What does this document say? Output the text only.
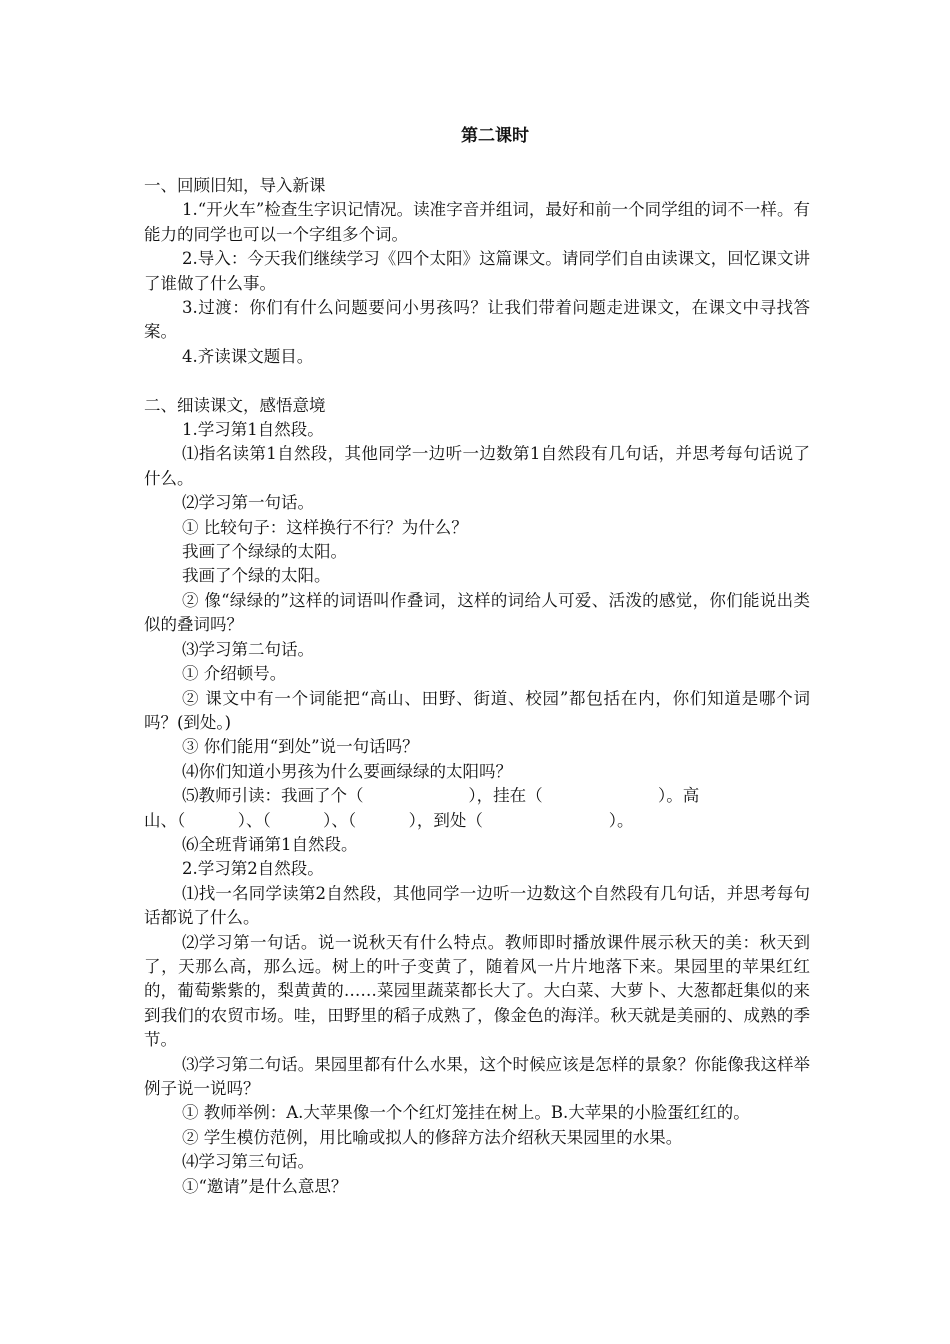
第二课时

一、回顾旧知，导入新课

1.“开火车”检查生字识记情况。读准字音并组词，最好和前一个同学组的词不一样。有能力的同学也可以一个字组多个词。

2.导入：今天我们继续学习《四个太阳》这篇课文。请同学们自由读课文，回忆课文讲了谁做了什么事。

3.过渡：你们有什么问题要问小男孩吗？让我们带着问题走进课文，在课文中寻找答案。

4.齐读课文题目。

二、细读课文，感悟意境

1.学习第1自然段。

⑴指名读第1自然段，其他同学一边听一边数第1自然段有几句话，并思考每句话说了什么。

⑵学习第一句话。

① 比较句子：这样换行不行？为什么？

我画了个绿绿的太阳。

我画了个绿的太阳。

② 像“绿绿的”这样的词语叫作叠词，这样的词给人可爱、活泼的感觉，你们能说出类似的叠词吗？

⑶学习第二句话。

① 介绍顿号。

② 课文中有一个词能把“高山、田野、街道、校园”都包括在内，你们知道是哪个词吗？(到处。)

③ 你们能用“到处”说一句话吗？

⑷你们知道小男孩为什么要画绿绿的太阳吗？

⑸教师引读：我画了个（                    ），挂在（                      ）。高

山、（          ）、（          ）、（          ），到处（                        ）。

⑹全班背诵第1自然段。

2.学习第2自然段。

⑴找一名同学读第2自然段，其他同学一边听一边数这个自然段有几句话，并思考每句话都说了什么。

⑵学习第一句话。说一说秋天有什么特点。教师即时播放课件展示秋天的美：秋天到了，天那么高，那么远。树上的叶子变黄了，随着风一片片地落下来。果园里的苹果红红的，葡萄紫紫的，梨黄黄的……菜园里蔬菜都长大了。大白菜、大萝卜、大葱都赶集似的来到我们的农贸市场。哇，田野里的稻子成熟了，像金色的海洋。秋天就是美丽的、成熟的季节。

⑶学习第二句话。果园里都有什么水果，这个时候应该是怎样的景象？你能像我这样举例子说一说吗？

① 教师举例：A.大苹果像一个个红灯笼挂在树上。B.大苹果的小脸蛋红红的。

② 学生模仿范例，用比喻或拟人的修辞方法介绍秋天果园里的水果。

⑷学习第三句话。

①“邀请”是什么意思？
